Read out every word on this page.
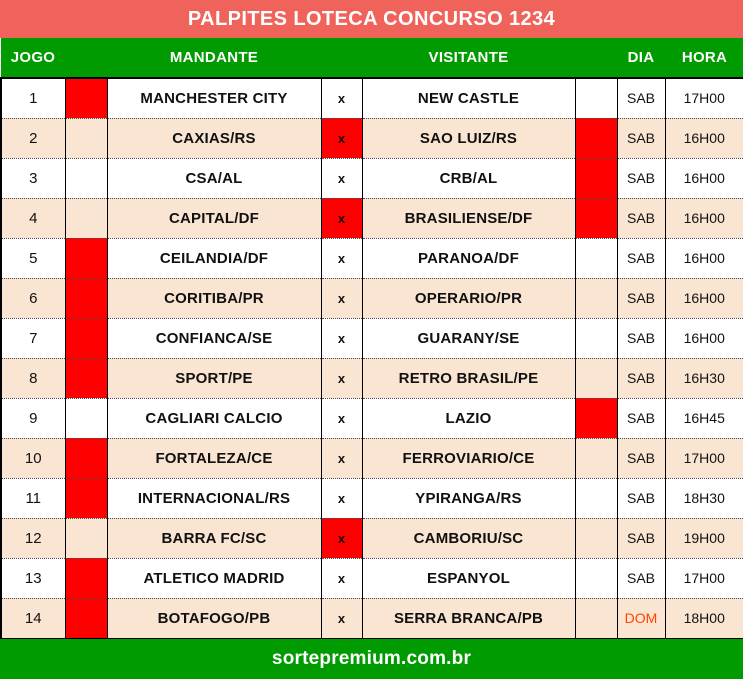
PALPITES LOTECA CONCURSO 1234
JOGO		MANDANTE		VISITANTE		DIA	HORA
1		MANCHESTER CITY	x	NEW CASTLE		SAB	17H00
2		CAXIAS/RS	x	SAO LUIZ/RS		SAB	16H00
3		CSA/AL	x	CRB/AL		SAB	16H00
4		CAPITAL/DF	x	BRASILIENSE/DF		SAB	16H00
5		CEILANDIA/DF	x	PARANOA/DF		SAB	16H00
6		CORITIBA/PR	x	OPERARIO/PR		SAB	16H00
7		CONFIANCA/SE	x	GUARANY/SE		SAB	16H00
8		SPORT/PE	x	RETRO BRASIL/PE		SAB	16H30
9		CAGLIARI CALCIO	x	LAZIO		SAB	16H45
10		FORTALEZA/CE	x	FERROVIARIO/CE		SAB	17H00
11		INTERNACIONAL/RS	x	YPIRANGA/RS		SAB	18H30
12		BARRA FC/SC	x	CAMBORIU/SC		SAB	19H00
13		ATLETICO MADRID	x	ESPANYOL		SAB	17H00
14		BOTAFOGO/PB	x	SERRA BRANCA/PB		DOM	18H00
sortepremium.com.br
